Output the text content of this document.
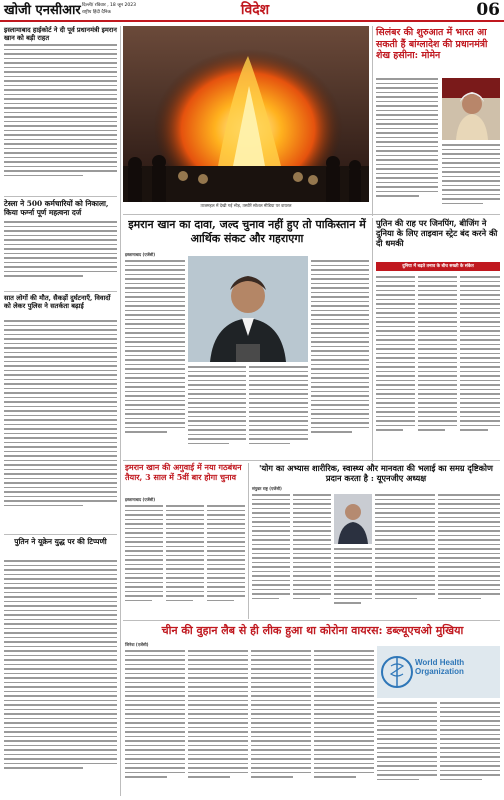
खोजी एनसीआर दिल्ली/ रविवार , 18 जून 2023
राष्ट्रीय हिंदी दैनिक	विदेश	06
इस्लामाबाद हाईकोर्ट ने दी पूर्व प्रधानमंत्री इमरान खान को बड़ी राहत
टेस्ला ने 500 कर्मचारियों को निकाला, किया फर्ग्ना पूर्ण महत्वना दर्ज
सात लोगों की मौत, सैकड़ों दुर्घटनाएँ, विवादों को लेकर पुलिस ने सतर्कता बढ़ाई
पुतिन ने यूक्रेन युद्ध पर की टिप्पणी
ताजमहल में देखी गई भीड़, तस्वीरें सोशल मीडिया पर वायरल
सिलंबर की शुरुआत में भारत आ सकती हैं बांग्लादेश की प्रधानमंत्री शेख हसीना: मोमेन
इमरान खान का दावा, जल्द चुनाव नहीं हुए तो पाकिस्तान में आर्थिक संकट और गहराएगा
इस्लामाबाद (एजेंसी)
पुतिन की राह पर जिनपिंग, बीजिंग ने दुनिया के लिए ताइवान स्ट्रेट बंद करने की दी धमकी
दुनिया में बढ़ते तनाव के बीच सख्ती के संकेत
इमरान खान की अगुवाई में नया गठबंधन तैयार, 3 साल में 5वीं बार होगा चुनाव
इस्लामाबाद (एजेंसी)
'योग का अभ्यास शारीरिक, स्वास्थ्य और मानवता की भलाई का समग्र दृष्टिकोण प्रदान करता है : यूएनजीए अध्यक्ष
संयुक्त राष्ट्र (एजेंसी)
चीन की वुहान लैब से ही लीक हुआ था कोरोना वायरस: डब्ल्यूएचओ मुखिया
जिनेवा (एजेंसी)
World Health Organization
